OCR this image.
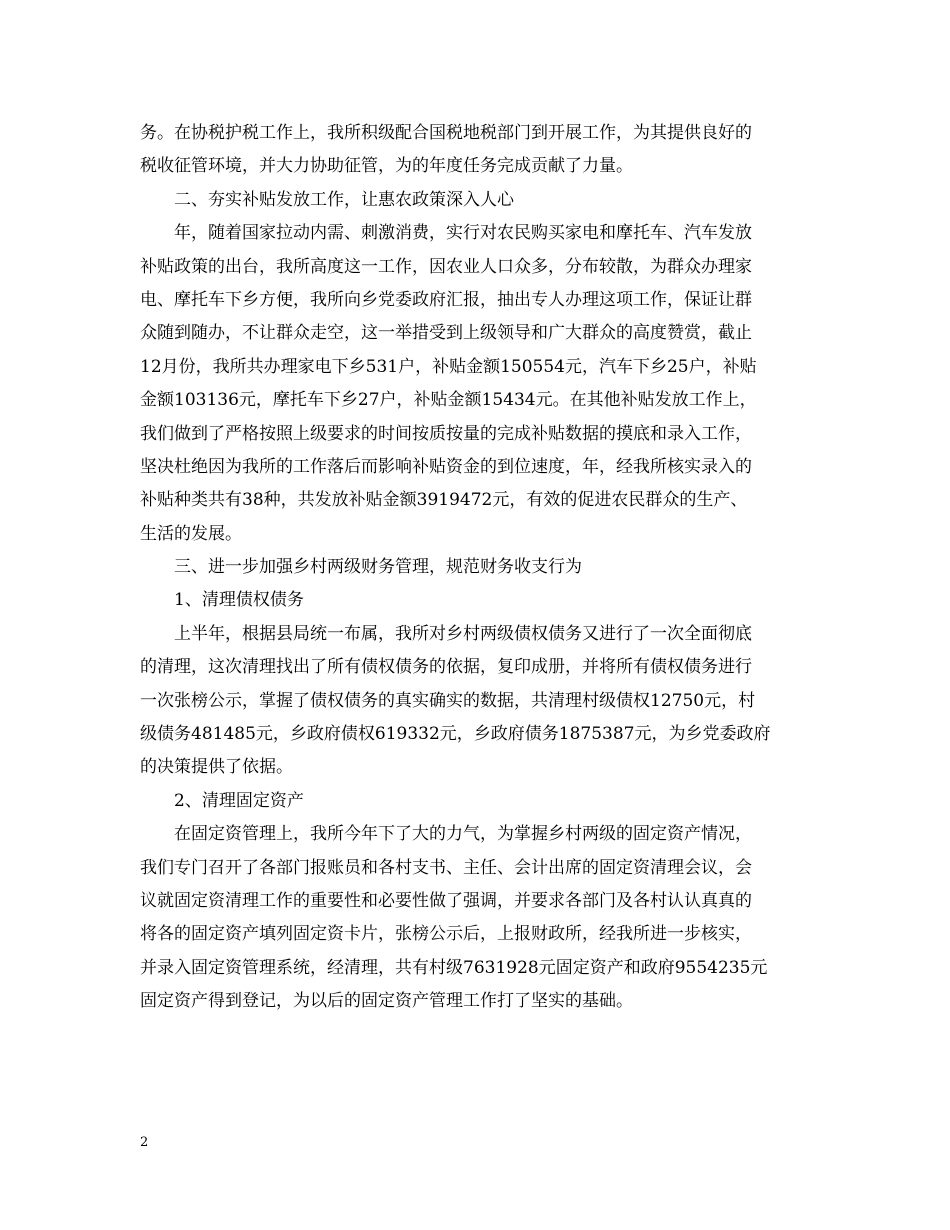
务。在协税护税工作上，我所积级配合国税地税部门到开展工作，为其提供良好的
税收征管环境，并大力协助征管，为的年度任务完成贡献了力量。
　　二、夯实补贴发放工作，让惠农政策深入人心
　　年，随着国家拉动内需、刺激消费，实行对农民购买家电和摩托车、汽车发放
补贴政策的出台，我所高度这一工作，因农业人口众多，分布较散，为群众办理家
电、摩托车下乡方便，我所向乡党委政府汇报，抽出专人办理这项工作，保证让群
众随到随办，不让群众走空，这一举措受到上级领导和广大群众的高度赞赏，截止
12月份，我所共办理家电下乡531户，补贴金额150554元，汽车下乡25户，补贴
金额103136元，摩托车下乡27户，补贴金额15434元。在其他补贴发放工作上，
我们做到了严格按照上级要求的时间按质按量的完成补贴数据的摸底和录入工作，
坚决杜绝因为我所的工作落后而影响补贴资金的到位速度，年，经我所核实录入的
补贴种类共有38种，共发放补贴金额3919472元，有效的促进农民群众的生产、
生活的发展。
　　三、进一步加强乡村两级财务管理，规范财务收支行为
　　1、清理债权债务
　　上半年，根据县局统一布属，我所对乡村两级债权债务又进行了一次全面彻底
的清理，这次清理找出了所有债权债务的依据，复印成册，并将所有债权债务进行
一次张榜公示，掌握了债权债务的真实确实的数据，共清理村级债权12750元，村
级债务481485元，乡政府债权619332元，乡政府债务1875387元，为乡党委政府
的决策提供了依据。
　　2、清理固定资产
　　在固定资管理上，我所今年下了大的力气，为掌握乡村两级的固定资产情况，
我们专门召开了各部门报账员和各村支书、主任、会计出席的固定资清理会议，会
议就固定资清理工作的重要性和必要性做了强调，并要求各部门及各村认认真真的
将各的固定资产填列固定资卡片，张榜公示后，上报财政所，经我所进一步核实，
并录入固定资管理系统，经清理，共有村级7631928元固定资产和政府9554235元
固定资产得到登记，为以后的固定资产管理工作打了坚实的基础。
2
